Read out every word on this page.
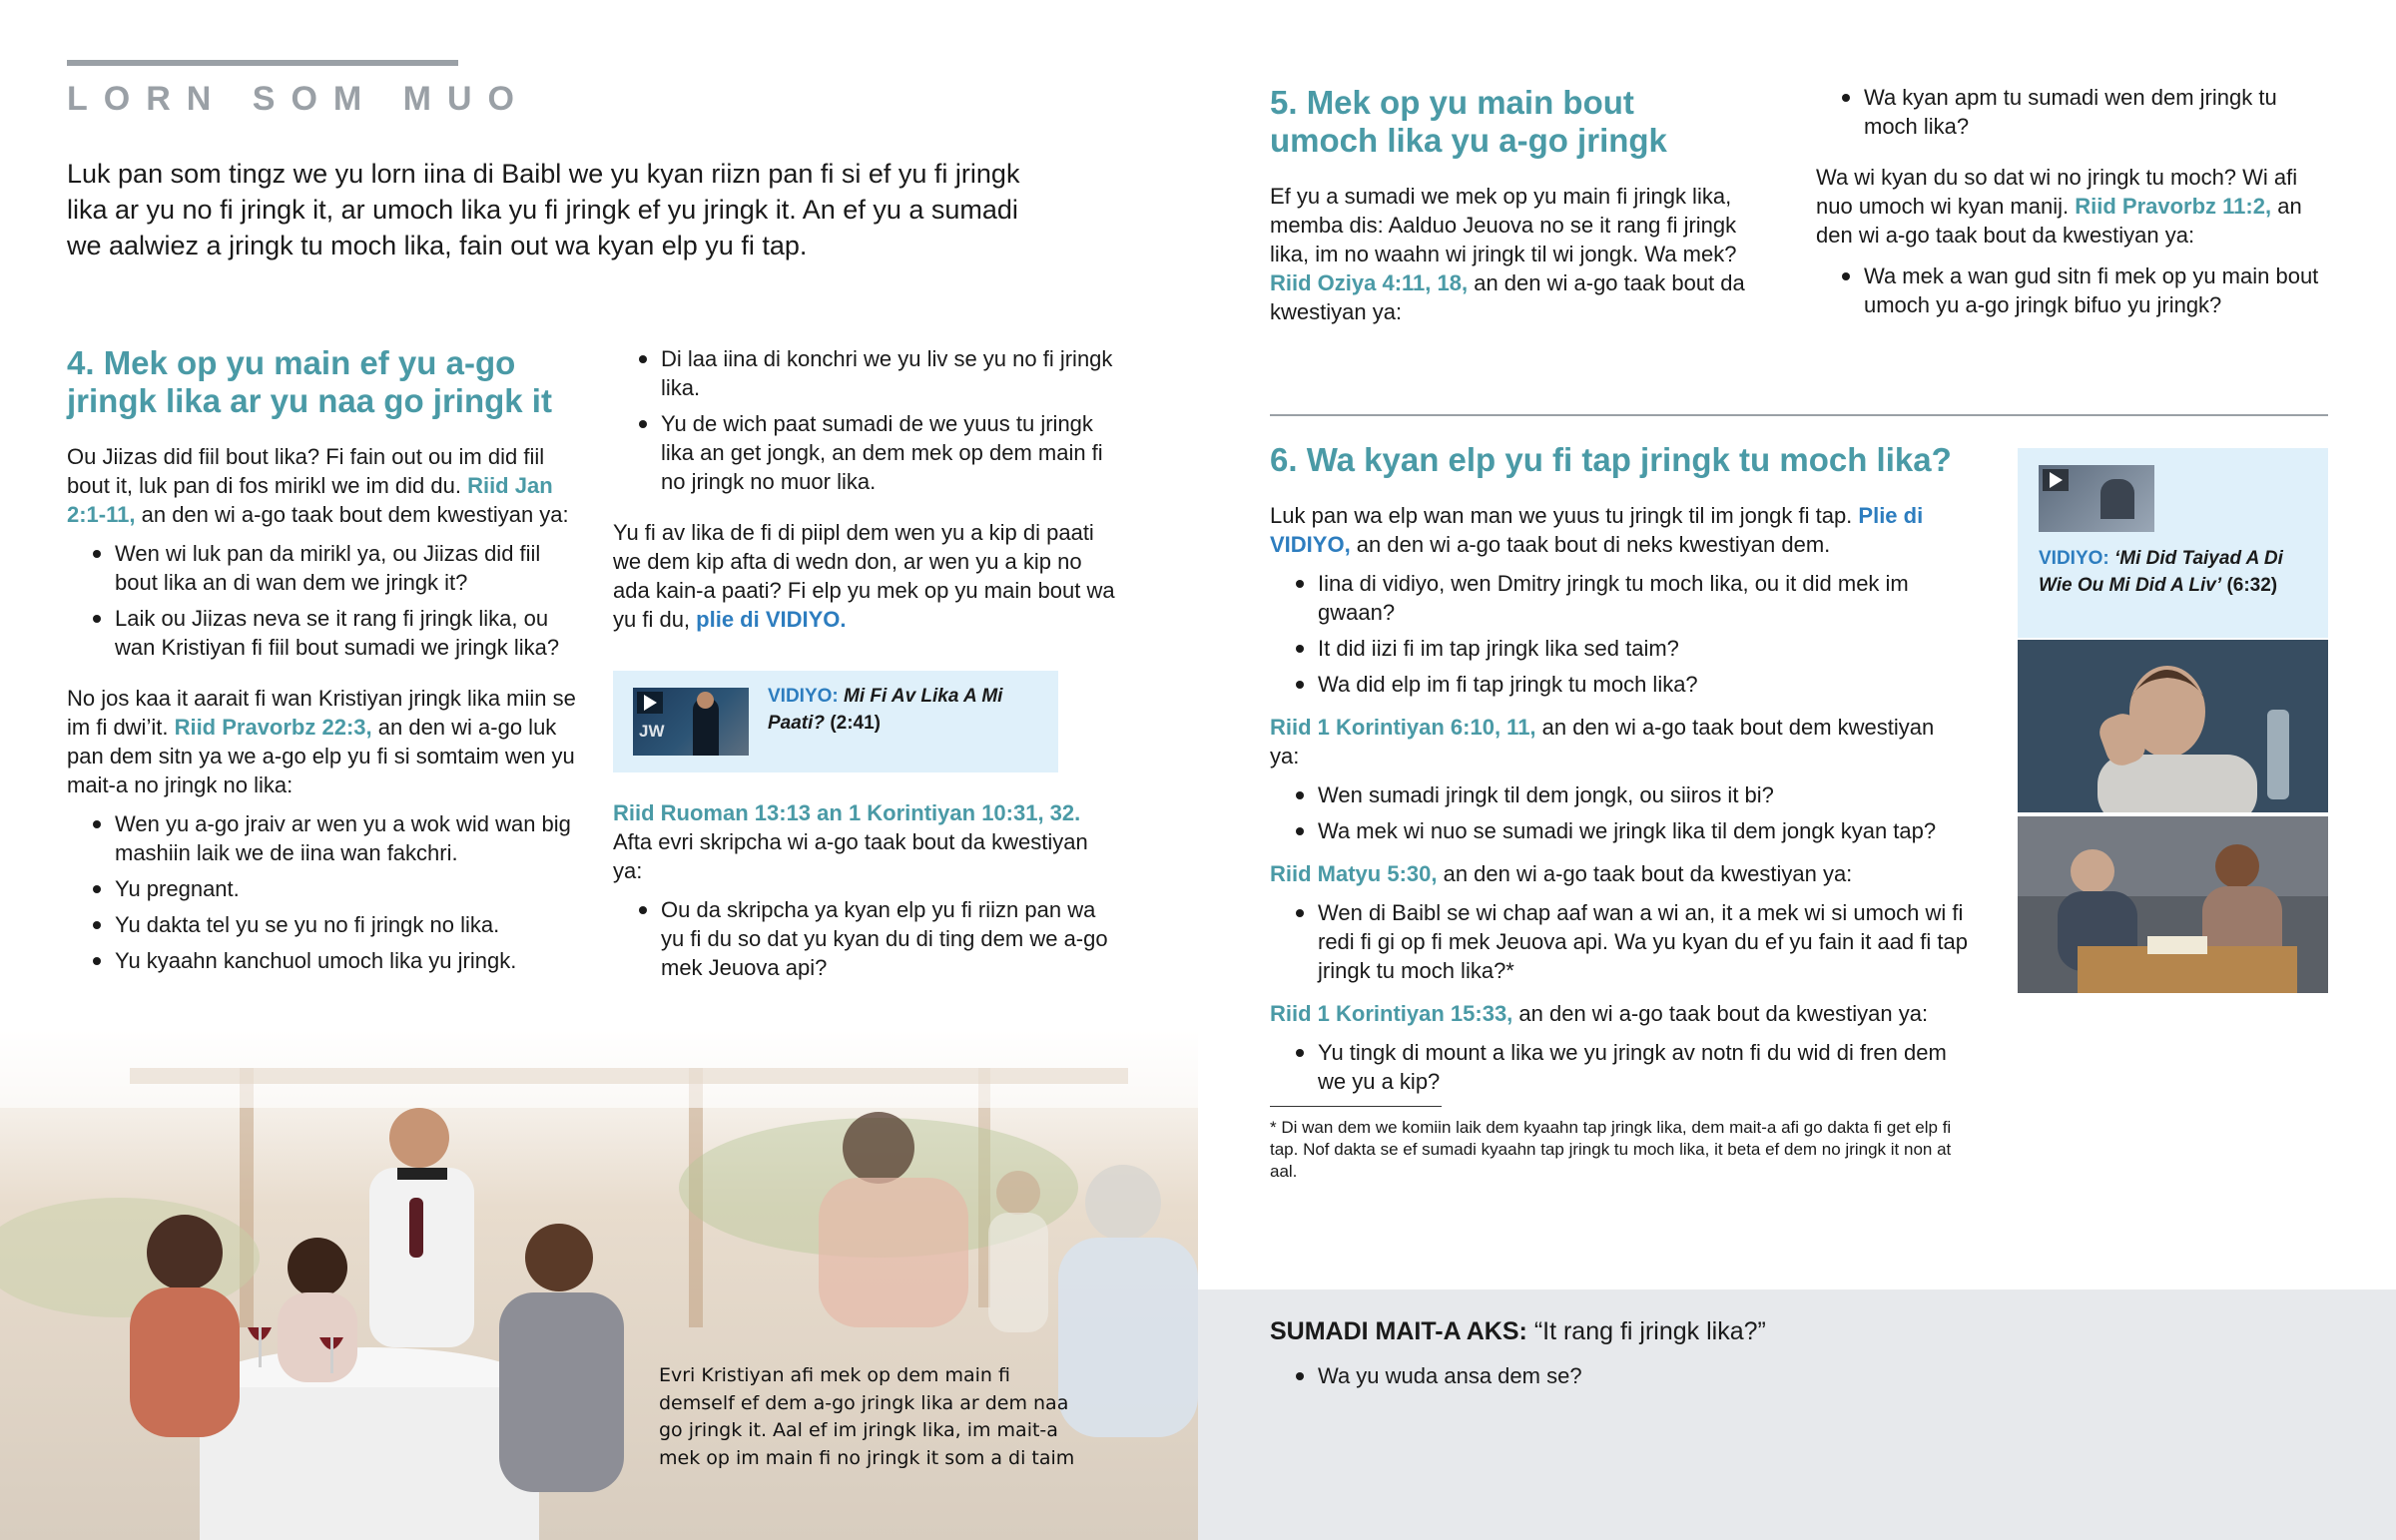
LORN SOM MUO

Luk pan som tingz we yu lorn iina di Baibl we yu kyan riizn pan fi si ef yu fi jringk lika ar yu no fi jringk it, ar umoch lika yu fi jringk ef yu jringk it. An ef yu a sumadi we aalwiez a jringk tu moch lika, fain out wa kyan elp yu fi tap.

4. Mek op yu main ef yu a-go
jringk lika ar yu naa go jringk it

Ou Jiizas did fiil bout lika? Fi fain out ou im did fiil bout it, luk pan di fos mirikl we im did du. Riid Jan 2:1-11, an den wi a-go taak bout dem kwestiyan ya:

Wen wi luk pan da mirikl ya, ou Jiizas did fiil bout lika an di wan dem we jringk it?
Laik ou Jiizas neva se it rang fi jringk lika, ou wan Kristiyan fi fiil bout sumadi we jringk lika?

No jos kaa it aarait fi wan Kristiyan jringk lika miin se im fi dwi’it. Riid Pravorbz 22:3, an den wi a-go luk pan dem sitn ya we a-go elp yu fi si somtaim wen yu mait-a no jringk no lika:

Wen yu a-go jraiv ar wen yu a wok wid wan big mashiin laik we de iina wan fakchri.
Yu pregnant.
Yu dakta tel yu se yu no fi jringk no lika.
Yu kyaahn kanchuol umoch lika yu jringk.
Di laa iina di konchri we yu liv se yu no fi jringk lika.
Yu de wich paat sumadi de we yuus tu jringk lika an get jongk, an dem mek op dem main fi no jringk no muor lika.

Yu fi av lika de fi di piipl dem wen yu a kip di paati we dem kip afta di wedn don, ar wen yu a kip no ada kain-a paati? Fi elp yu mek op yu main bout wa yu fi du, plie di VIDIYO.

JW
VIDIYO: Mi Fi Av Lika A Mi Paati? (2:41)

Riid Ruoman 13:13 an 1 Korintiyan 10:31, 32. Afta evri skripcha wi a-go taak bout da kwestiyan ya:

Ou da skripcha ya kyan elp yu fi riizn pan wa yu fi du so dat yu kyan du di ting dem we a-go mek Jeuova api?

Evri Kristiyan afi mek op dem main fi demself ef dem a-go jringk lika ar dem naa go jringk it. Aal ef im jringk lika, im mait-a mek op im main fi no jringk it som a di taim

5. Mek op yu main bout
umoch lika yu a-go jringk

Ef yu a sumadi we mek op yu main fi jringk lika, memba dis: Aalduo Jeuova no se it rang fi jringk lika, im no waahn wi jringk til wi jongk. Wa mek? Riid Oziya 4:11, 18, an den wi a-go taak bout da kwestiyan ya:

Wa kyan apm tu sumadi wen dem jringk tu moch lika?

Wa wi kyan du so dat wi no jringk tu moch? Wi afi nuo umoch wi kyan manij. Riid Pravorbz 11:2, an den wi a-go taak bout da kwestiyan ya:

Wa mek a wan gud sitn fi mek op yu main bout umoch yu a-go jringk bifuo yu jringk?
6. Wa kyan elp yu fi tap jringk tu moch lika?

Luk pan wa elp wan man we yuus tu jringk til im jongk fi tap. Plie di VIDIYO, an den wi a-go taak bout di neks kwestiyan dem.

Iina di vidiyo, wen Dmitry jringk tu moch lika, ou it did mek im gwaan?
It did iizi fi im tap jringk lika sed taim?
Wa did elp im fi tap jringk tu moch lika?

Riid 1 Korintiyan 6:10, 11, an den wi a-go taak bout dem kwestiyan ya:

Wen sumadi jringk til dem jongk, ou siiros it bi?
Wa mek wi nuo se sumadi we jringk lika til dem jongk kyan tap?

Riid Matyu 5:30, an den wi a-go taak bout da kwestiyan ya:

Wen di Baibl se wi chap aaf wan a wi an, it a mek wi si umoch wi fi redi fi gi op fi mek Jeuova api. Wa yu kyan du ef yu fain it aad fi tap jringk tu moch lika?*

Riid 1 Korintiyan 15:33, an den wi a-go taak bout da kwestiyan ya:

Yu tingk di mount a lika we yu jringk av notn fi du wid di fren dem we yu a kip?

* Di wan dem we komiin laik dem kyaahn tap jringk lika, dem mait-a afi go dakta fi get elp fi tap. Nof dakta se ef sumadi kyaahn tap jringk tu moch lika, it beta ef dem no jringk it non at aal.

VIDIYO: ‘Mi Did Taiyad A Di Wie Ou Mi Did A Liv’ (6:32)
SUMADI MAIT-A AKS: “It rang fi jringk lika?”
Wa yu wuda ansa dem se?
